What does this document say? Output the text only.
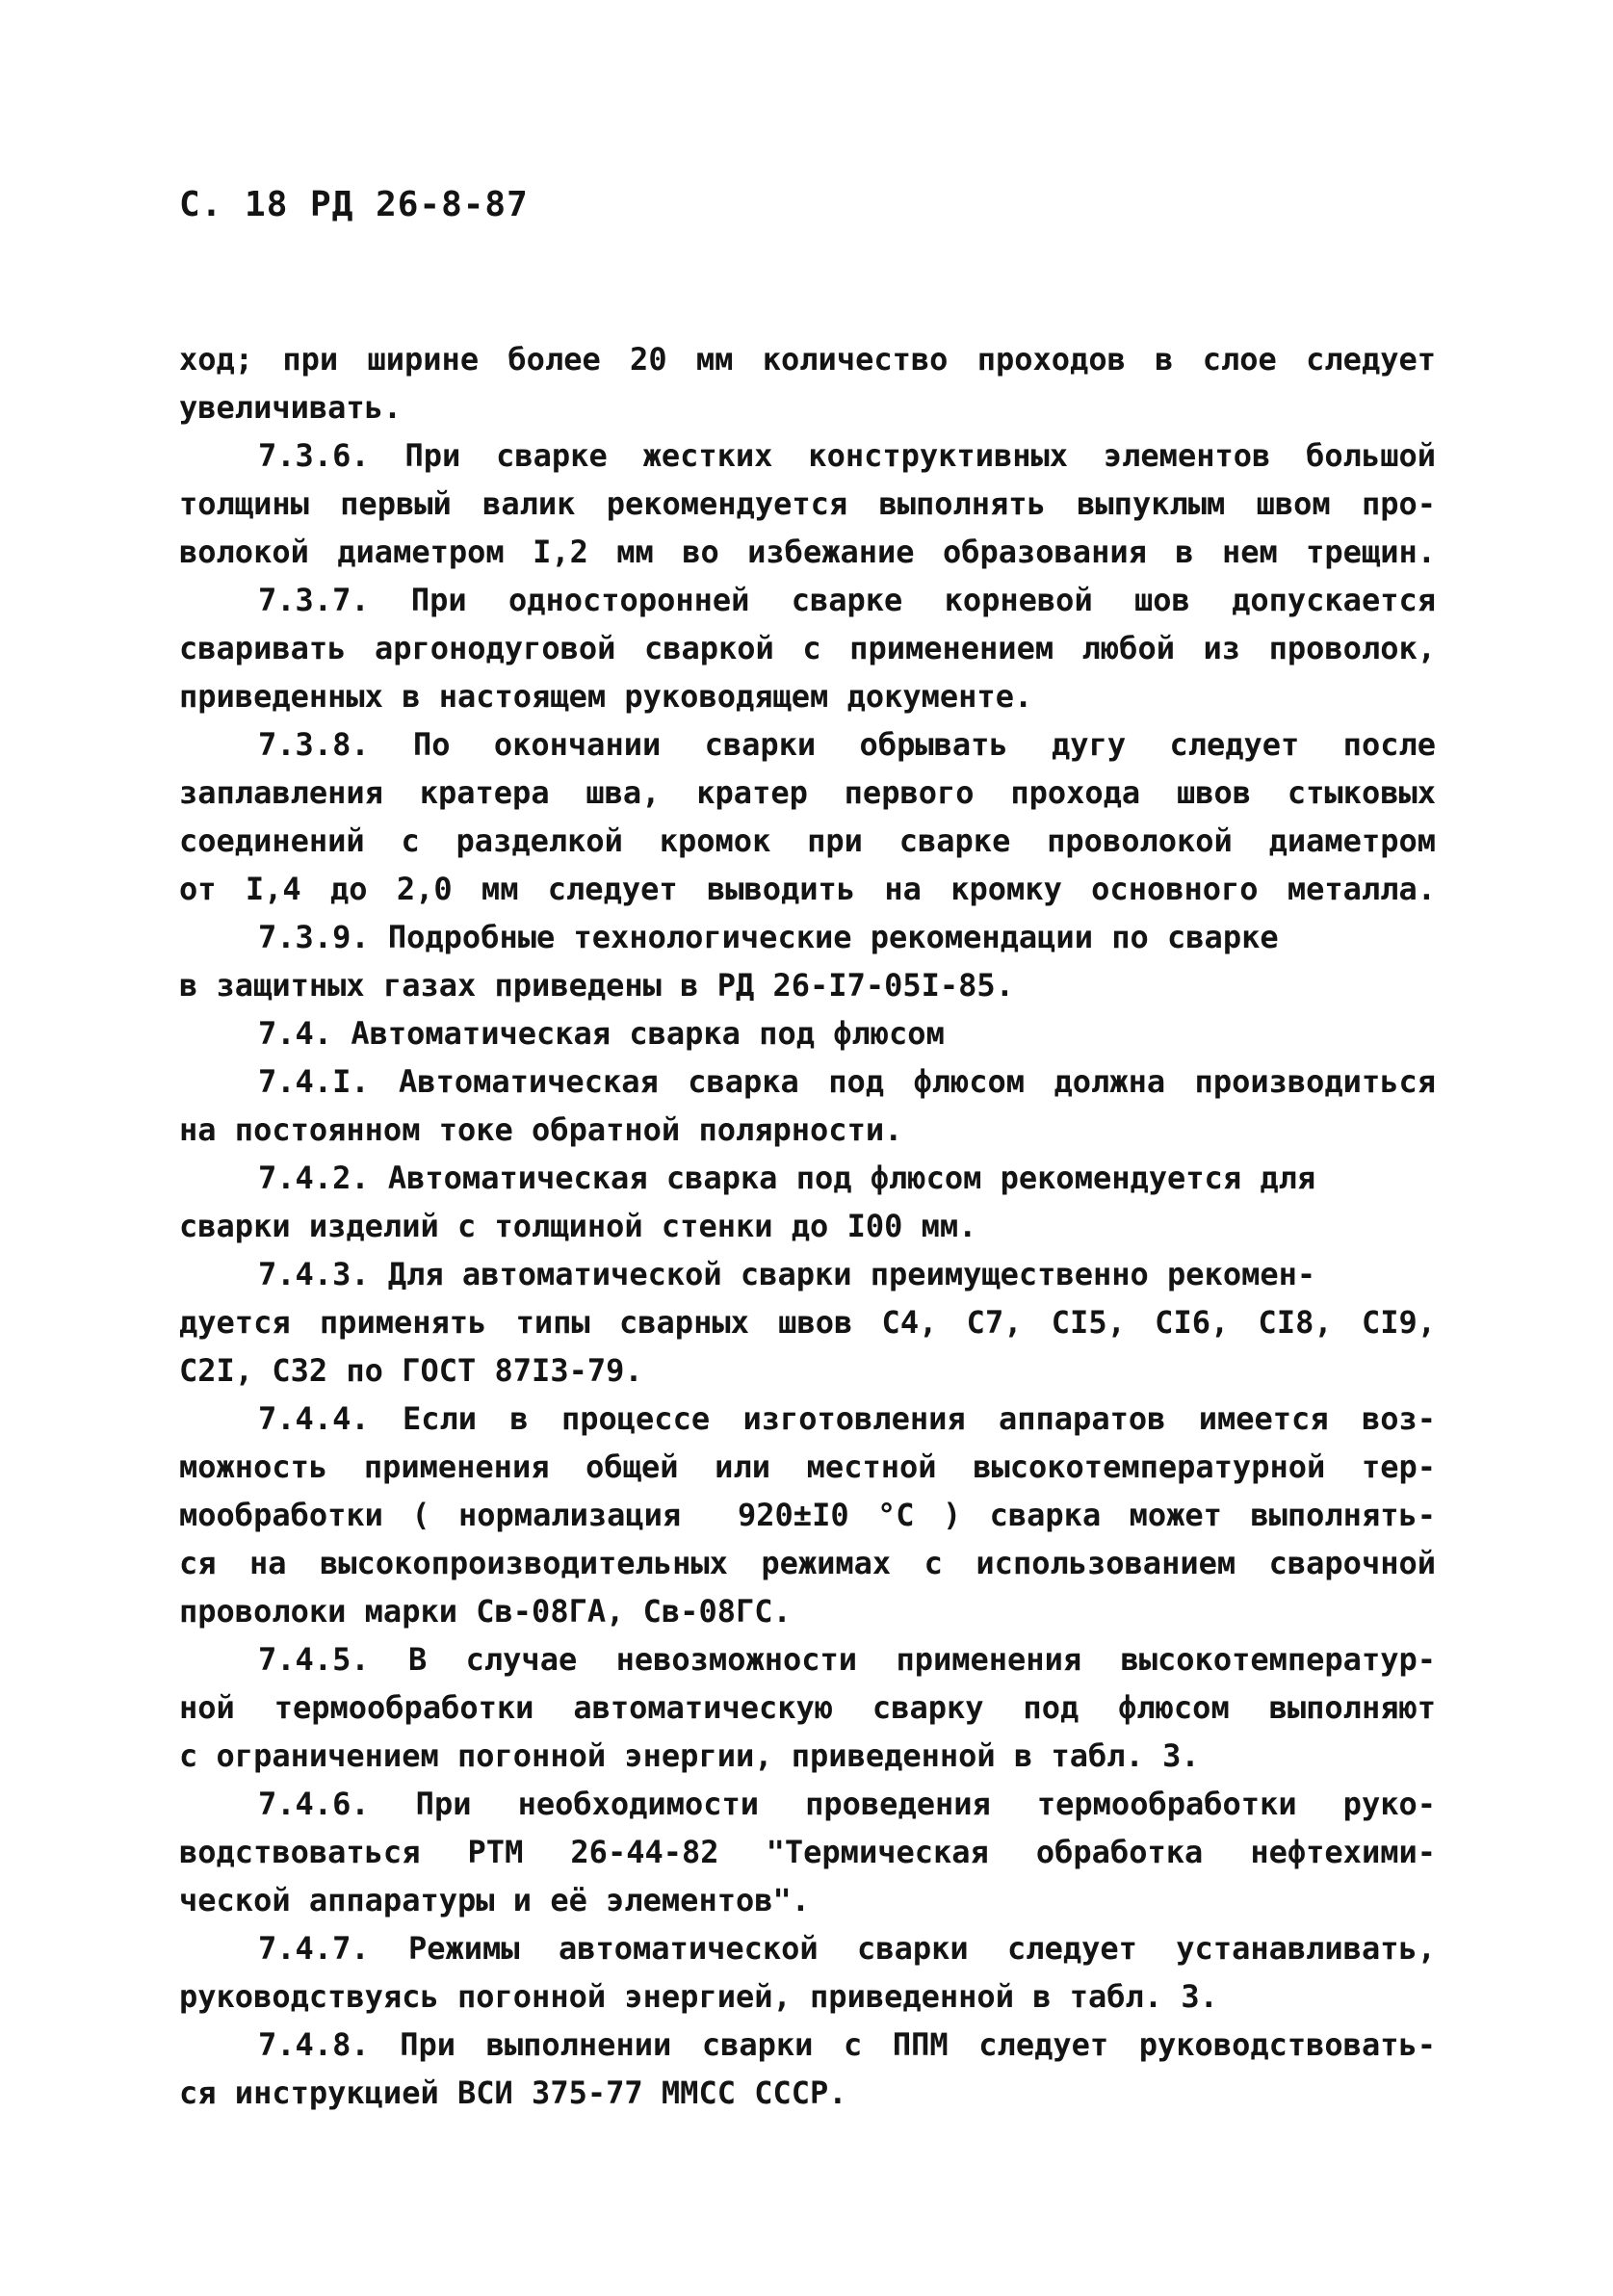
С. 18 РД 26-8-87
ход; при ширине более 20 мм количество проходов в слое следует
увеличивать.
7.3.6. При сварке жестких конструктивных элементов большой
толщины первый валик рекомендуется выполнять выпуклым швом про-
волокой диаметром I,2 мм во избежание образования в нем трещин.
7.3.7. При односторонней сварке корневой шов допускается
сваривать аргонодуговой сваркой с применением любой из проволок,
приведенных в настоящем руководящем документе.
7.3.8. По окончании сварки обрывать дугу следует после
заплавления кратера шва, кратер первого прохода швов стыковых
соединений с разделкой кромок при сварке проволокой диаметром
от I,4 до 2,0 мм следует выводить на кромку основного металла.
7.3.9. Подробные технологические рекомендации по сварке
в защитных газах приведены в РД 26-I7-05I-85.
7.4. Автоматическая сварка под флюсом
7.4.I. Автоматическая сварка под флюсом должна производиться
на постоянном токе обратной полярности.
7.4.2. Автоматическая сварка под флюсом рекомендуется для
сварки изделий с толщиной стенки до I00 мм.
7.4.3. Для автоматической сварки преимущественно рекомен-
дуется применять типы сварных швов С4, С7, СI5, СI6, СI8, СI9,
С2I, С32 по ГОСТ 87I3-79.
7.4.4. Если в процессе изготовления аппаратов имеется воз-
можность применения общей или местной высокотемпературной тер-
мообработки ( нормализация  920±I0 °С ) сварка может выполнять-
ся на высокопроизводительных режимах с использованием сварочной
проволоки марки Св-08ГА, Св-08ГС.
7.4.5. В случае невозможности применения высокотемператур-
ной термообработки автоматическую сварку под флюсом выполняют
с ограничением погонной энергии, приведенной в табл. 3.
7.4.6. При необходимости проведения термообработки руко-
водствоваться РТМ 26-44-82 "Термическая обработка нефтехими-
ческой аппаратуры и её элементов".
7.4.7. Режимы автоматической сварки следует устанавливать,
руководствуясь погонной энергией, приведенной в табл. 3.
7.4.8. При выполнении сварки с ППМ следует руководствовать-
ся инструкцией ВСИ 375-77 ММСС СССР.
